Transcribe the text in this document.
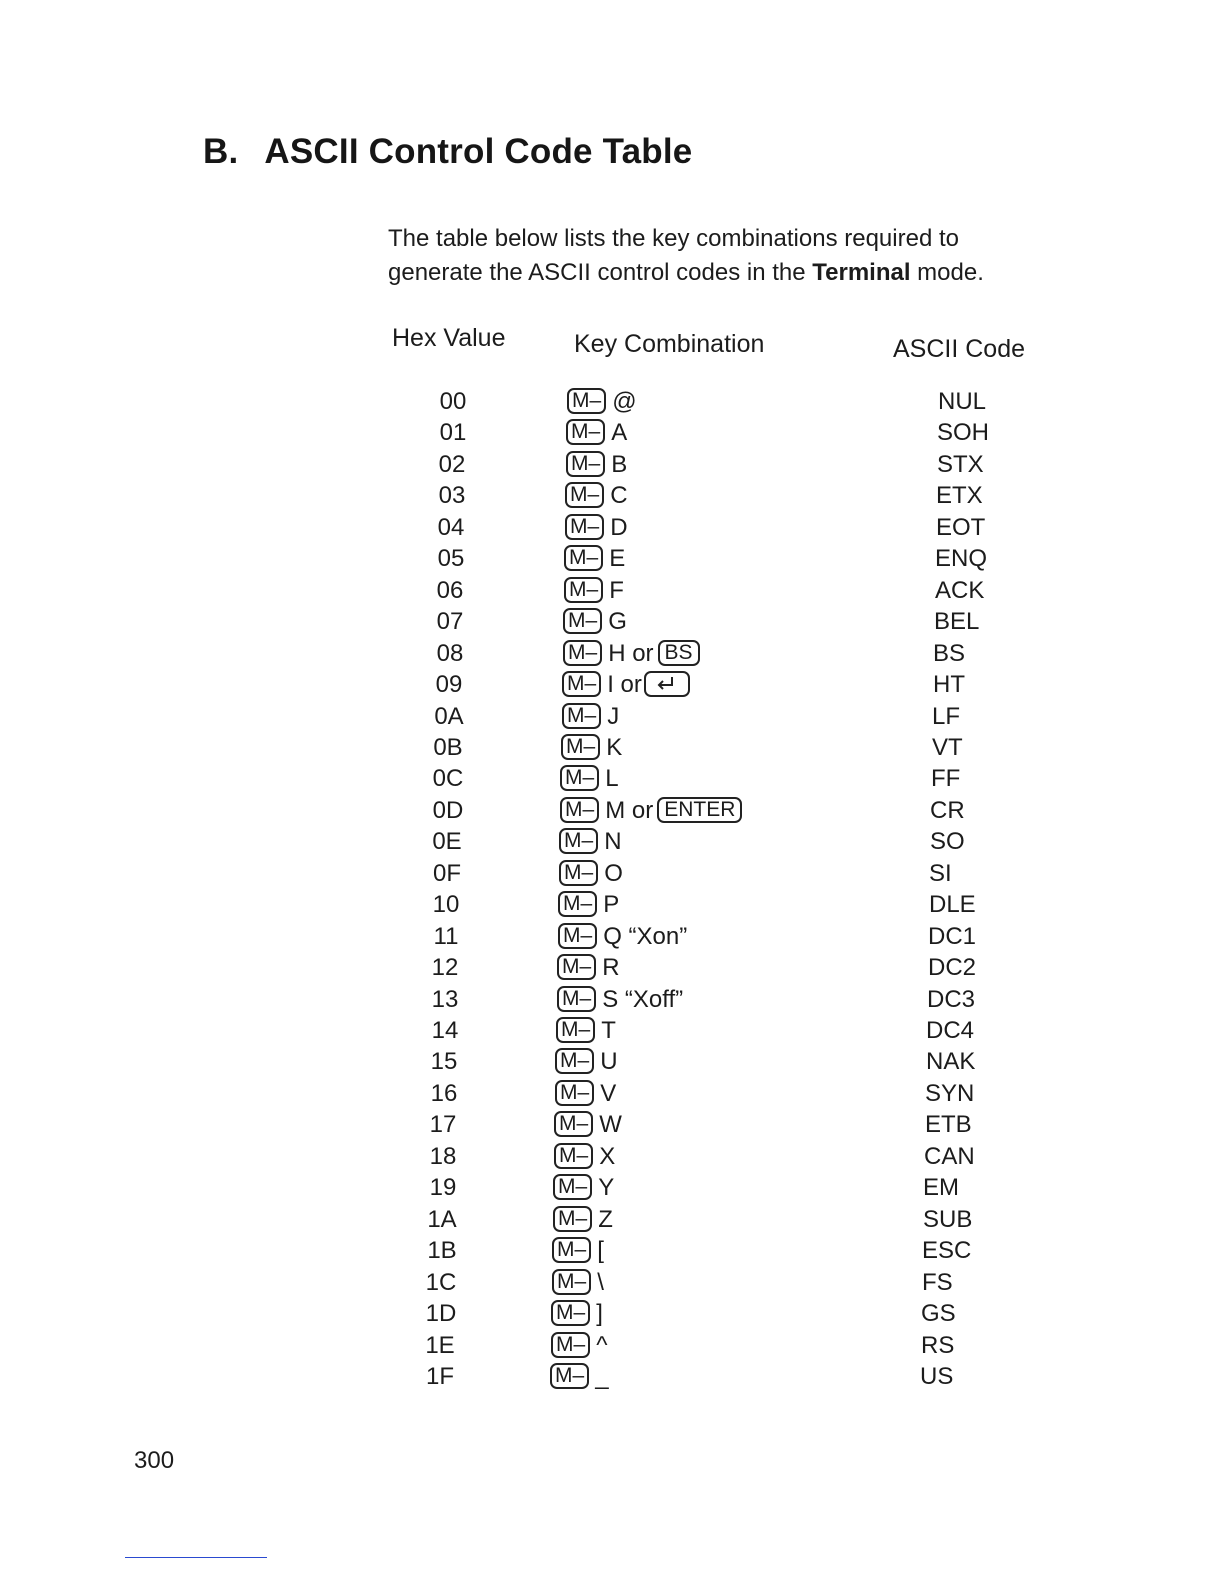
B. ASCII Control Code Table
The table below lists the key combinations required to
generate the ASCII control codes in the Terminal mode.
Hex Value	Key Combination	ASCII Code
00	M– @	NUL
01	M– A	SOH
02	M– B	STX
03	M– C	ETX
04	M– D	EOT
05	M– E	ENQ
06	M– F	ACK
07	M– G	BEL
08	M– H or BS	BS
09	M– I or	HT
0A	M– J	LF
0B	M– K	VT
0C	M– L	FF
0D	M– M or ENTER	CR
0E	M– N	SO
0F	M– O	SI
10	M– P	DLE
11	M– Q “Xon”	DC1
12	M– R	DC2
13	M– S “Xoff”	DC3
14	M– T	DC4
15	M– U	NAK
16	M– V	SYN
17	M– W	ETB
18	M– X	CAN
19	M– Y	EM
1A	M– Z	SUB
1B	M– [	ESC
1C	M– \	FS
1D	M– ]	GS
1E	M– ^	RS
1F	M– _	US
300
